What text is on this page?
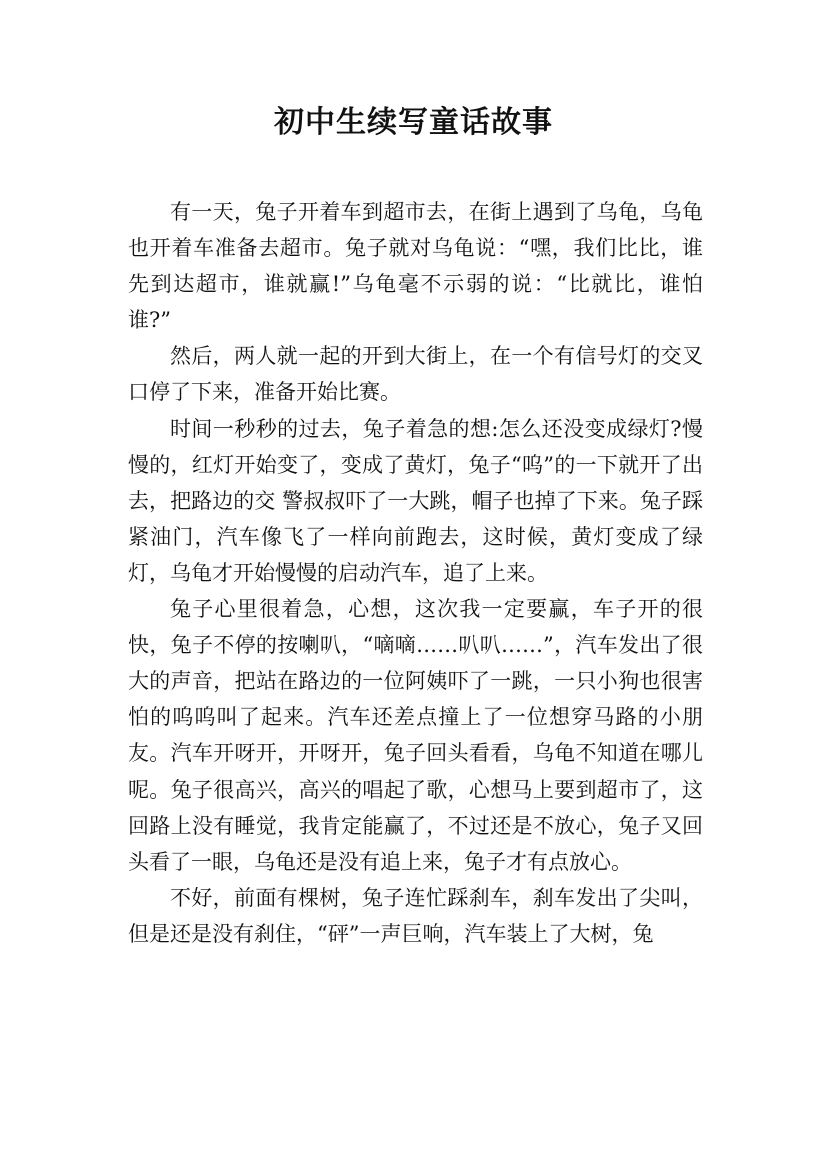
初中生续写童话故事

有一天，兔子开着车到超市去，在街上遇到了乌龟，乌龟也开着车准备去超市。兔子就对乌龟说：“嘿，我们比比，谁先到达超市，谁就赢!”乌龟毫不示弱的说：“比就比，谁怕谁?”

然后，两人就一起的开到大街上，在一个有信号灯的交叉口停了下来，准备开始比赛。

时间一秒秒的过去，兔子着急的想:怎么还没变成绿灯?慢慢的，红灯开始变了，变成了黄灯，兔子“呜”的一下就开了出去，把路边的交 警叔叔吓了一大跳，帽子也掉了下来。兔子踩紧油门，汽车像飞了一样向前跑去，这时候，黄灯变成了绿灯，乌龟才开始慢慢的启动汽车，追了上来。

兔子心里很着急，心想，这次我一定要赢，车子开的很快，兔子不停的按喇叭，“嘀嘀……叭叭……”，汽车发出了很大的声音，把站在路边的一位阿姨吓了一跳，一只小狗也很害怕的呜呜叫了起来。汽车还差点撞上了一位想穿马路的小朋友。汽车开呀开，开呀开，兔子回头看看，乌龟不知道在哪儿呢。兔子很高兴，高兴的唱起了歌，心想马上要到超市了，这回路上没有睡觉，我肯定能赢了，不过还是不放心，兔子又回头看了一眼，乌龟还是没有追上来，兔子才有点放心。

不好，前面有棵树，兔子连忙踩刹车，刹车发出了尖叫，但是还是没有刹住，“砰”一声巨响，汽车装上了大树，兔
